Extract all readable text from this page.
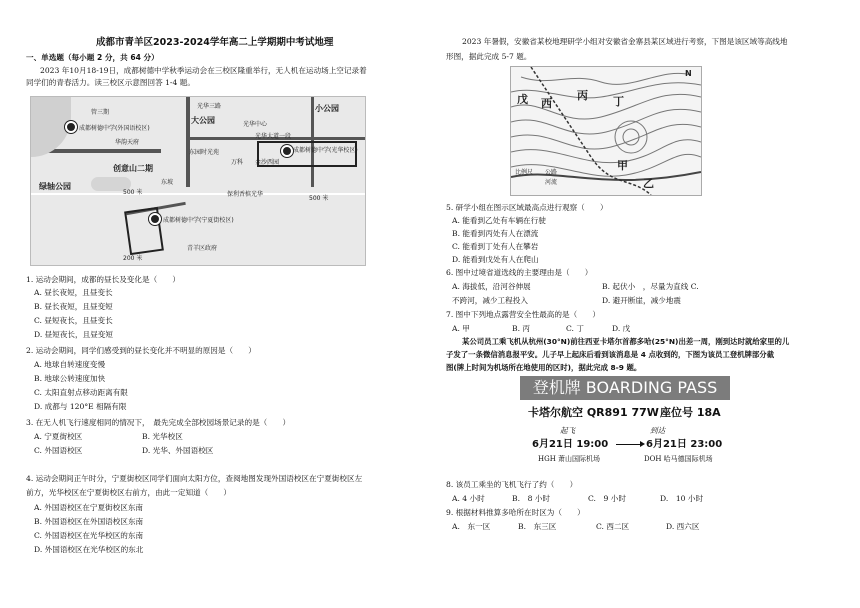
成都市青羊区2023-2024学年高二上学期期中考试地理
一、单选题（每小题 2 分，共 64 分）
2023 年10月18-19日，成都树德中学秋季运动会在三校区隆重举行，无人机在运动场上空记录着
同学们的青春活力。读三校区示意图回答 1-4 题。
管三期
成都树德中学(外国语校区)
华韵天府
光华三路
大公园	光华中心
小公园
光华大道一段
东园时光苑	成都树德中学(光华校区)
万科 金沙西园
创意山二期
东坡
绿轴公园
保利香槟光华
500 米
500 米
成都树德中学(宁夏街校区)
青羊区政府
200 米
1. 运动会期间，成都的昼长及变化是（　　）
A. 昼长夜短，且昼变长
B. 昼长夜短，且昼变短
C. 昼短夜长，且昼变长
D. 昼短夜长，且昼变短
2. 运动会期间，同学们感受到的昼长变化并不明显的原因是（　　）
A. 地球自转速度变慢
B. 地球公转速度加快
C. 太阳直射点移动距离有限
D. 成都与 120°E 相隔有限
3. 在无人机飞行速度相同的情况下，　最先完成全部校园场景记录的是（　　）
A. 宁夏街校区	B. 光华校区
C. 外国语校区	D. 光华、外国语校区
4. 运动会期间正午时分，宁夏街校区同学们面向太阳方位，查阅地图发现外国语校区在宁夏街校区左
前方，光华校区在宁夏街校区右前方，由此一定知道（　　）
A. 外国语校区在宁夏街校区东南
B. 外国语校区在外国语校区东南
C. 外国语校区在光华校区的东南
D. 外国语校区在光华校区的东北
2023 年暑假，安徽省某校地理研学小组对安徽省金寨县某区域进行考察，下图是该区域等高线地
形图，据此完成 5-7 题。
戊 西
丙 丁
乙
甲
N
比例尺 公路
河流
5. 研学小组在图示区域最高点进行观察（　　）
A. 能看到乙处有车辆在行驶
B. 能看到丙处有人在漂流
C. 能看到丁处有人在攀岩
D. 能看到戊处有人在爬山
6. 图中过境省道选线的主要理由是（　　）
A. 海拔低，沿河谷伸展	B. 起伏小　，尽量为直线 C.
不跨河，减少工程投入	D. 避开断崖，减少地震
7. 图中下列地点露营安全性最高的是（　　）
A. 甲	B. 丙	C. 丁	D. 戊
某公司员工乘飞机从杭州(30°N)前往西亚卡塔尔首都多哈(25°N)出差一周，刚到达时就给家里的儿
子发了一条微信消息报平安。儿子早上起床后看到该消息是 4 点收到的，下图为该员工登机牌部分截
图(牌上时间为机场所在地使用的区时)，据此完成 8-9 题。
登机牌 BOARDING PASS
卡塔尔航空 QR891 77W 座位号 18A
起飞	到达
6月21日 19:00	6月21日 23:00
HGH 萧山国际机场	DOH 哈马德国际机场
8. 该员工乘坐的飞机飞行了约（　　）
A. 4 小时	B.　8 小时	C.　9 小时	D.　10 小时
9. 根据材料推算多哈所在时区为（　　）
A.　东一区	B.　东三区	C. 西二区	D. 西六区
